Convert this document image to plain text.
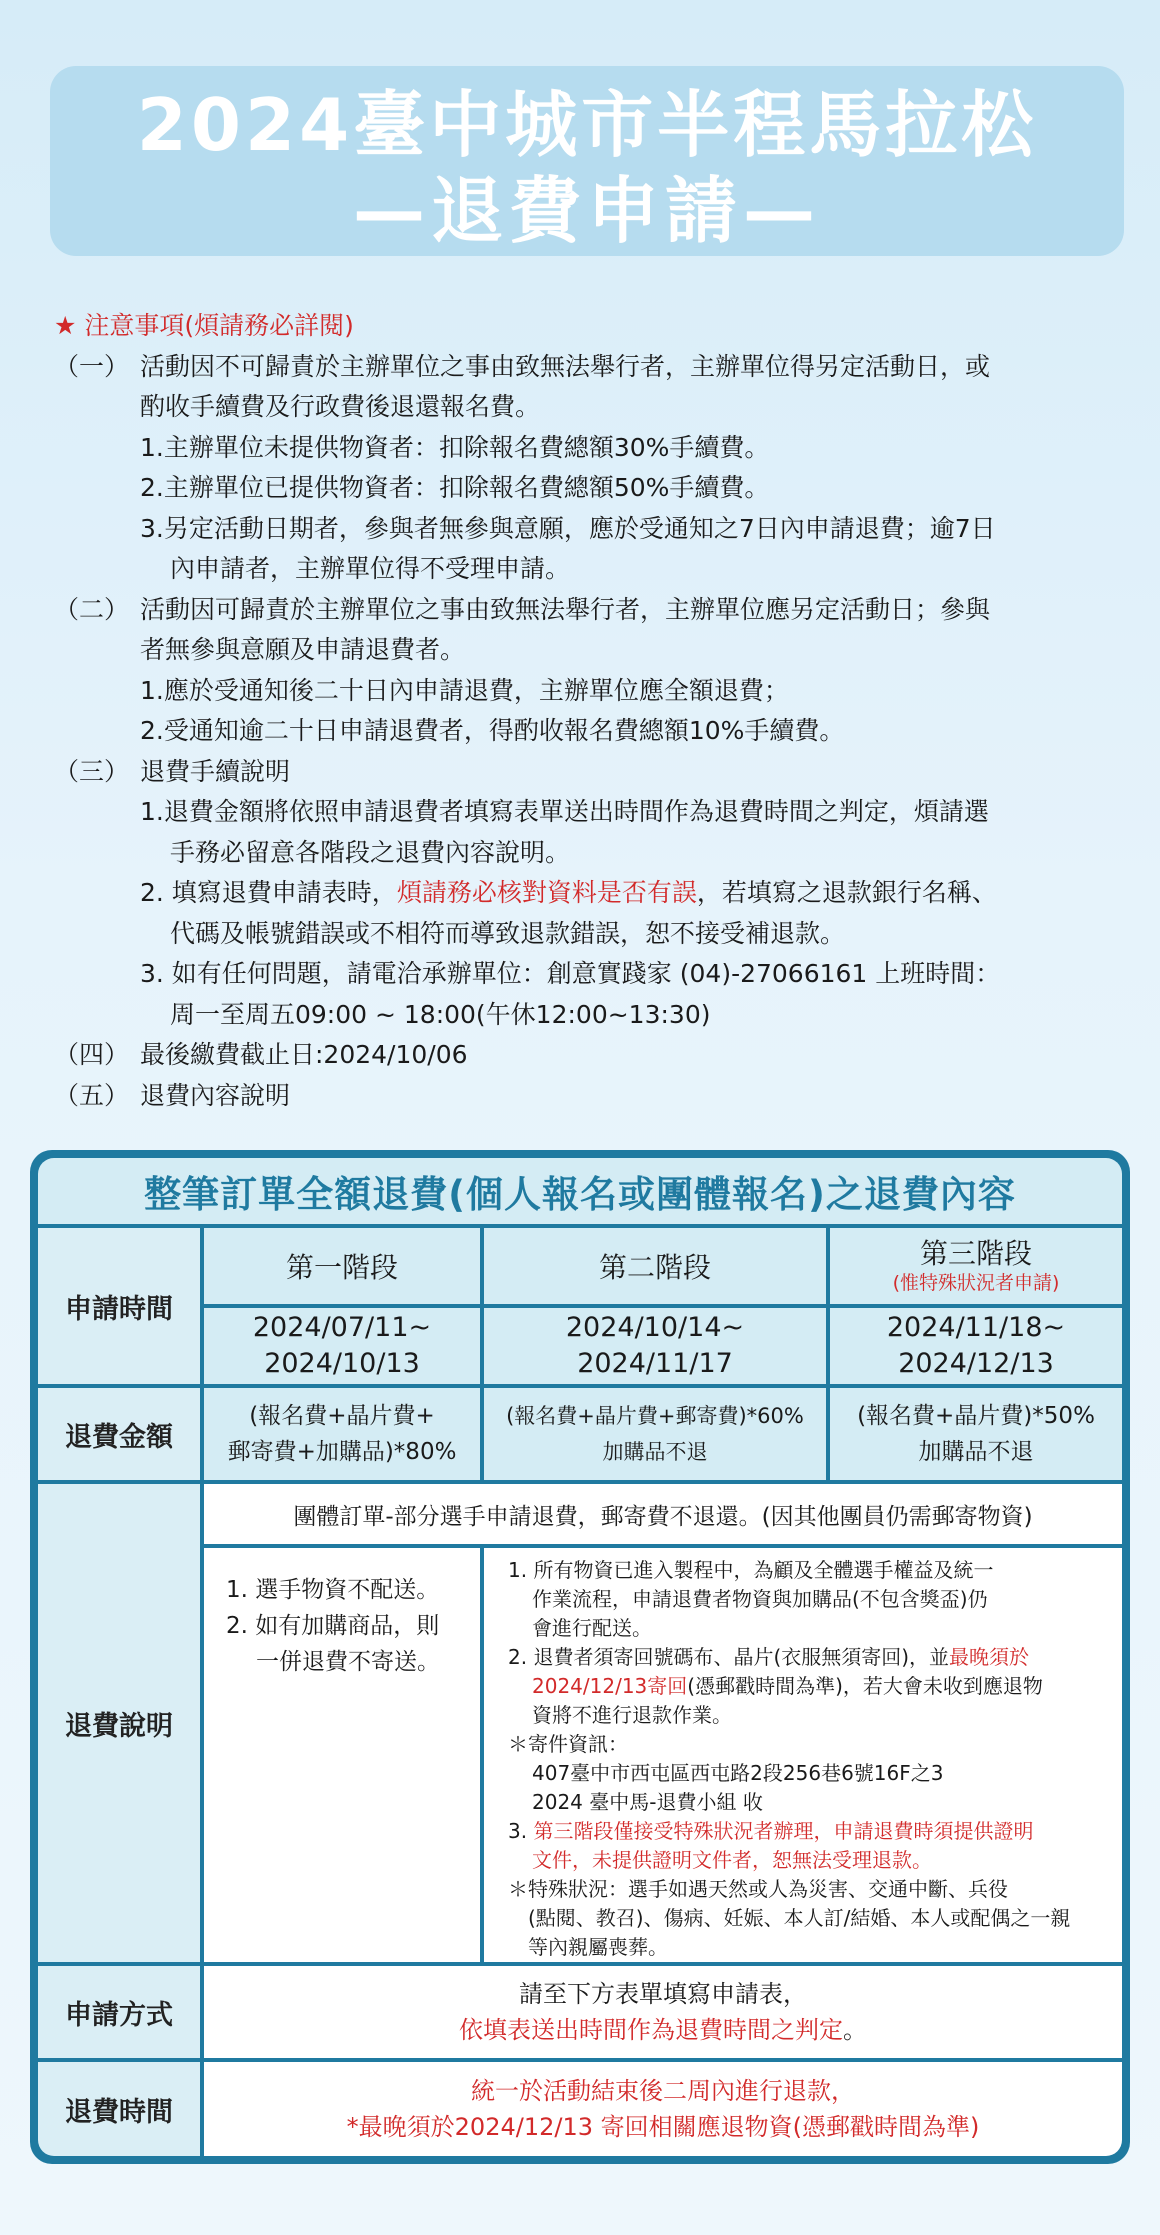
2024臺中城市半程馬拉松
—退費申請—
★ 注意事項(煩請務必詳閱)
（一） 活動因不可歸責於主辦單位之事由致無法舉行者，主辦單位得另定活動日，或
酌收手續費及行政費後退還報名費。
1.主辦單位未提供物資者：扣除報名費總額30%手續費。
2.主辦單位已提供物資者：扣除報名費總額50%手續費。
3.另定活動日期者，參與者無參與意願，應於受通知之7日內申請退費；逾7日
內申請者，主辦單位得不受理申請。
（二） 活動因可歸責於主辦單位之事由致無法舉行者，主辦單位應另定活動日；參與
者無參與意願及申請退費者。
1.應於受通知後二十日內申請退費，主辦單位應全額退費；
2.受通知逾二十日申請退費者，得酌收報名費總額10%手續費。
（三） 退費手續說明
1.退費金額將依照申請退費者填寫表單送出時間作為退費時間之判定，煩請選
手務必留意各階段之退費內容說明。
2. 填寫退費申請表時，煩請務必核對資料是否有誤，若填寫之退款銀行名稱、
代碼及帳號錯誤或不相符而導致退款錯誤，恕不接受補退款。
3. 如有任何問題，請電洽承辦單位：創意實踐家 (04)-27066161 上班時間：
周一至周五09:00 ~ 18:00(午休12:00~13:30)
（四） 最後繳費截止日:2024/10/06
（五） 退費內容說明
整筆訂單全額退費(個人報名或團體報名)之退費內容
申請時間
退費金額
退費說明
申請方式
退費時間
第一階段	第二階段	第三階段
(惟特殊狀況者申請)
2024/07/11~
2024/10/13
2024/10/14~
2024/11/17
2024/11/18~
2024/12/13
(報名費+晶片費+
郵寄費+加購品)*80%
(報名費+晶片費+郵寄費)*60%
加購品不退
(報名費+晶片費)*50%
加購品不退
團體訂單-部分選手申請退費，郵寄費不退還。(因其他團員仍需郵寄物資)
1. 選手物資不配送。
2. 如有加購商品，則
一併退費不寄送。
1. 所有物資已進入製程中，為顧及全體選手權益及統一
作業流程，申請退費者物資與加購品(不包含獎盃)仍
會進行配送。
2. 退費者須寄回號碼布、晶片(衣服無須寄回)，並最晚須於
2024/12/13寄回(憑郵戳時間為準)，若大會未收到應退物
資將不進行退款作業。
＊寄件資訊：
407臺中市西屯區西屯路2段256巷6號16F之3
2024 臺中馬-退費小組 收
3. 第三階段僅接受特殊狀況者辦理，申請退費時須提供證明
文件，未提供證明文件者，恕無法受理退款。
＊特殊狀況：選手如遇天然或人為災害、交通中斷、兵役
(點閱、教召)、傷病、妊娠、本人訂/結婚、本人或配偶之一親
等內親屬喪葬。
請至下方表單填寫申請表，
依填表送出時間作為退費時間之判定。
統一於活動結束後二周內進行退款，
*最晚須於2024/12/13 寄回相關應退物資(憑郵戳時間為準)
